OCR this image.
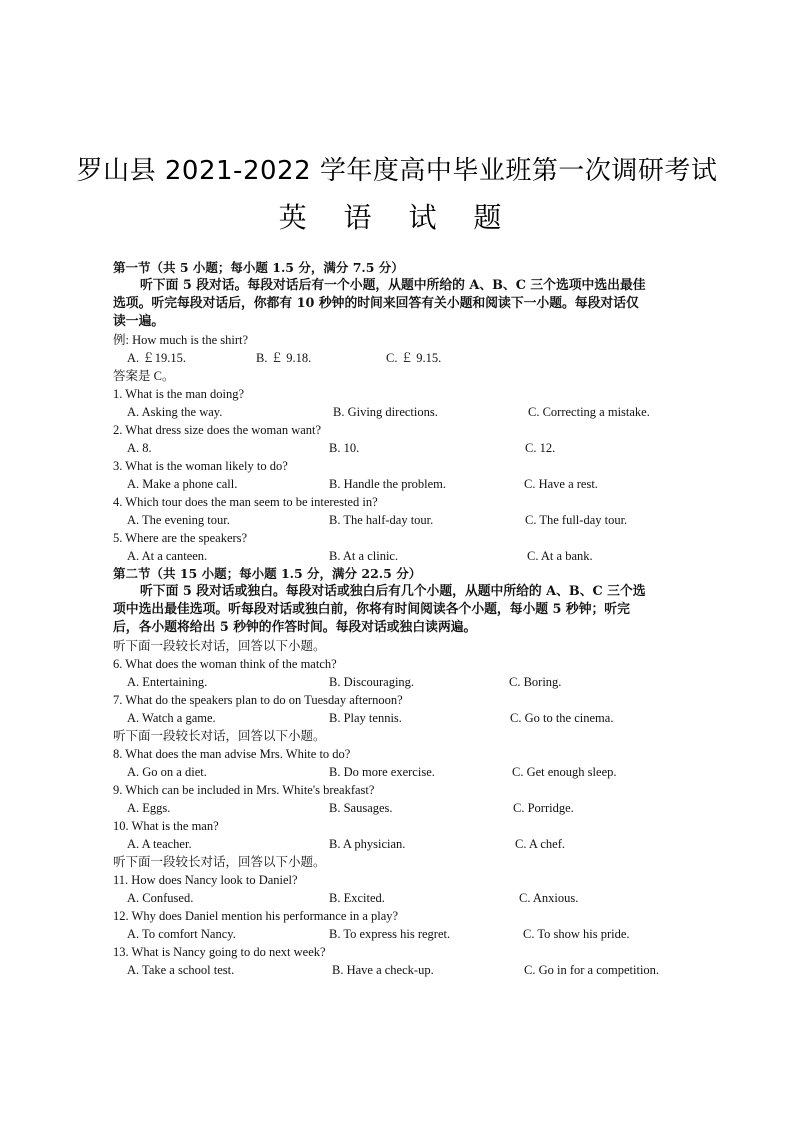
罗山县 2021-2022 学年度高中毕业班第一次调研考试
英 语 试 题
第一节（共 5 小题；每小题 1.5 分，满分 7.5 分）
听下面 5 段对话。每段对话后有一个小题，从题中所给的 A、B、C 三个选项中选出最佳
选项。听完每段对话后，你都有 10 秒钟的时间来回答有关小题和阅读下一小题。每段对话仅
读一遍。
例: How much is the shirt?
A. ￡19.15.	B. ￡ 9.18.	C. ￡ 9.15.
答案是 C。
1. What is the man doing?
A. Asking the way.	B. Giving directions.	C. Correcting a mistake.
2. What dress size does the woman want?
A. 8.	B. 10.	C. 12.
3. What is the woman likely to do?
A. Make a phone call.	B. Handle the problem.	C. Have a rest.
4. Which tour does the man seem to be interested in?
A. The evening tour.	B. The half-day tour.	C. The full-day tour.
5. Where are the speakers?
A. At a canteen.	B. At a clinic.	C. At a bank.
第二节（共 15 小题；每小题 1.5 分，满分 22.5 分）
听下面 5 段对话或独白。每段对话或独白后有几个小题，从题中所给的 A、B、C 三个选
项中选出最佳选项。听每段对话或独白前，你将有时间阅读各个小题，每小题 5 秒钟；听完
后，各小题将给出 5 秒钟的作答时间。每段对话或独白读两遍。
听下面一段较长对话，回答以下小题。
6. What does the woman think of the match?
A. Entertaining.	B. Discouraging.	C. Boring.
7. What do the speakers plan to do on Tuesday afternoon?
A. Watch a game.	B. Play tennis.	C. Go to the cinema.
听下面一段较长对话，回答以下小题。
8. What does the man advise Mrs. White to do?
A. Go on a diet.	B. Do more exercise.	C. Get enough sleep.
9. Which can be included in Mrs. White's breakfast?
A. Eggs.	B. Sausages.	C. Porridge.
10. What is the man?
A. A teacher.	B. A physician.	C. A chef.
听下面一段较长对话，回答以下小题。
11. How does Nancy look to Daniel?
A. Confused.	B. Excited.	C. Anxious.
12. Why does Daniel mention his performance in a play?
A. To comfort Nancy.	B. To express his regret.	C. To show his pride.
13. What is Nancy going to do next week?
A. Take a school test.	B. Have a check-up.	C. Go in for a competition.
